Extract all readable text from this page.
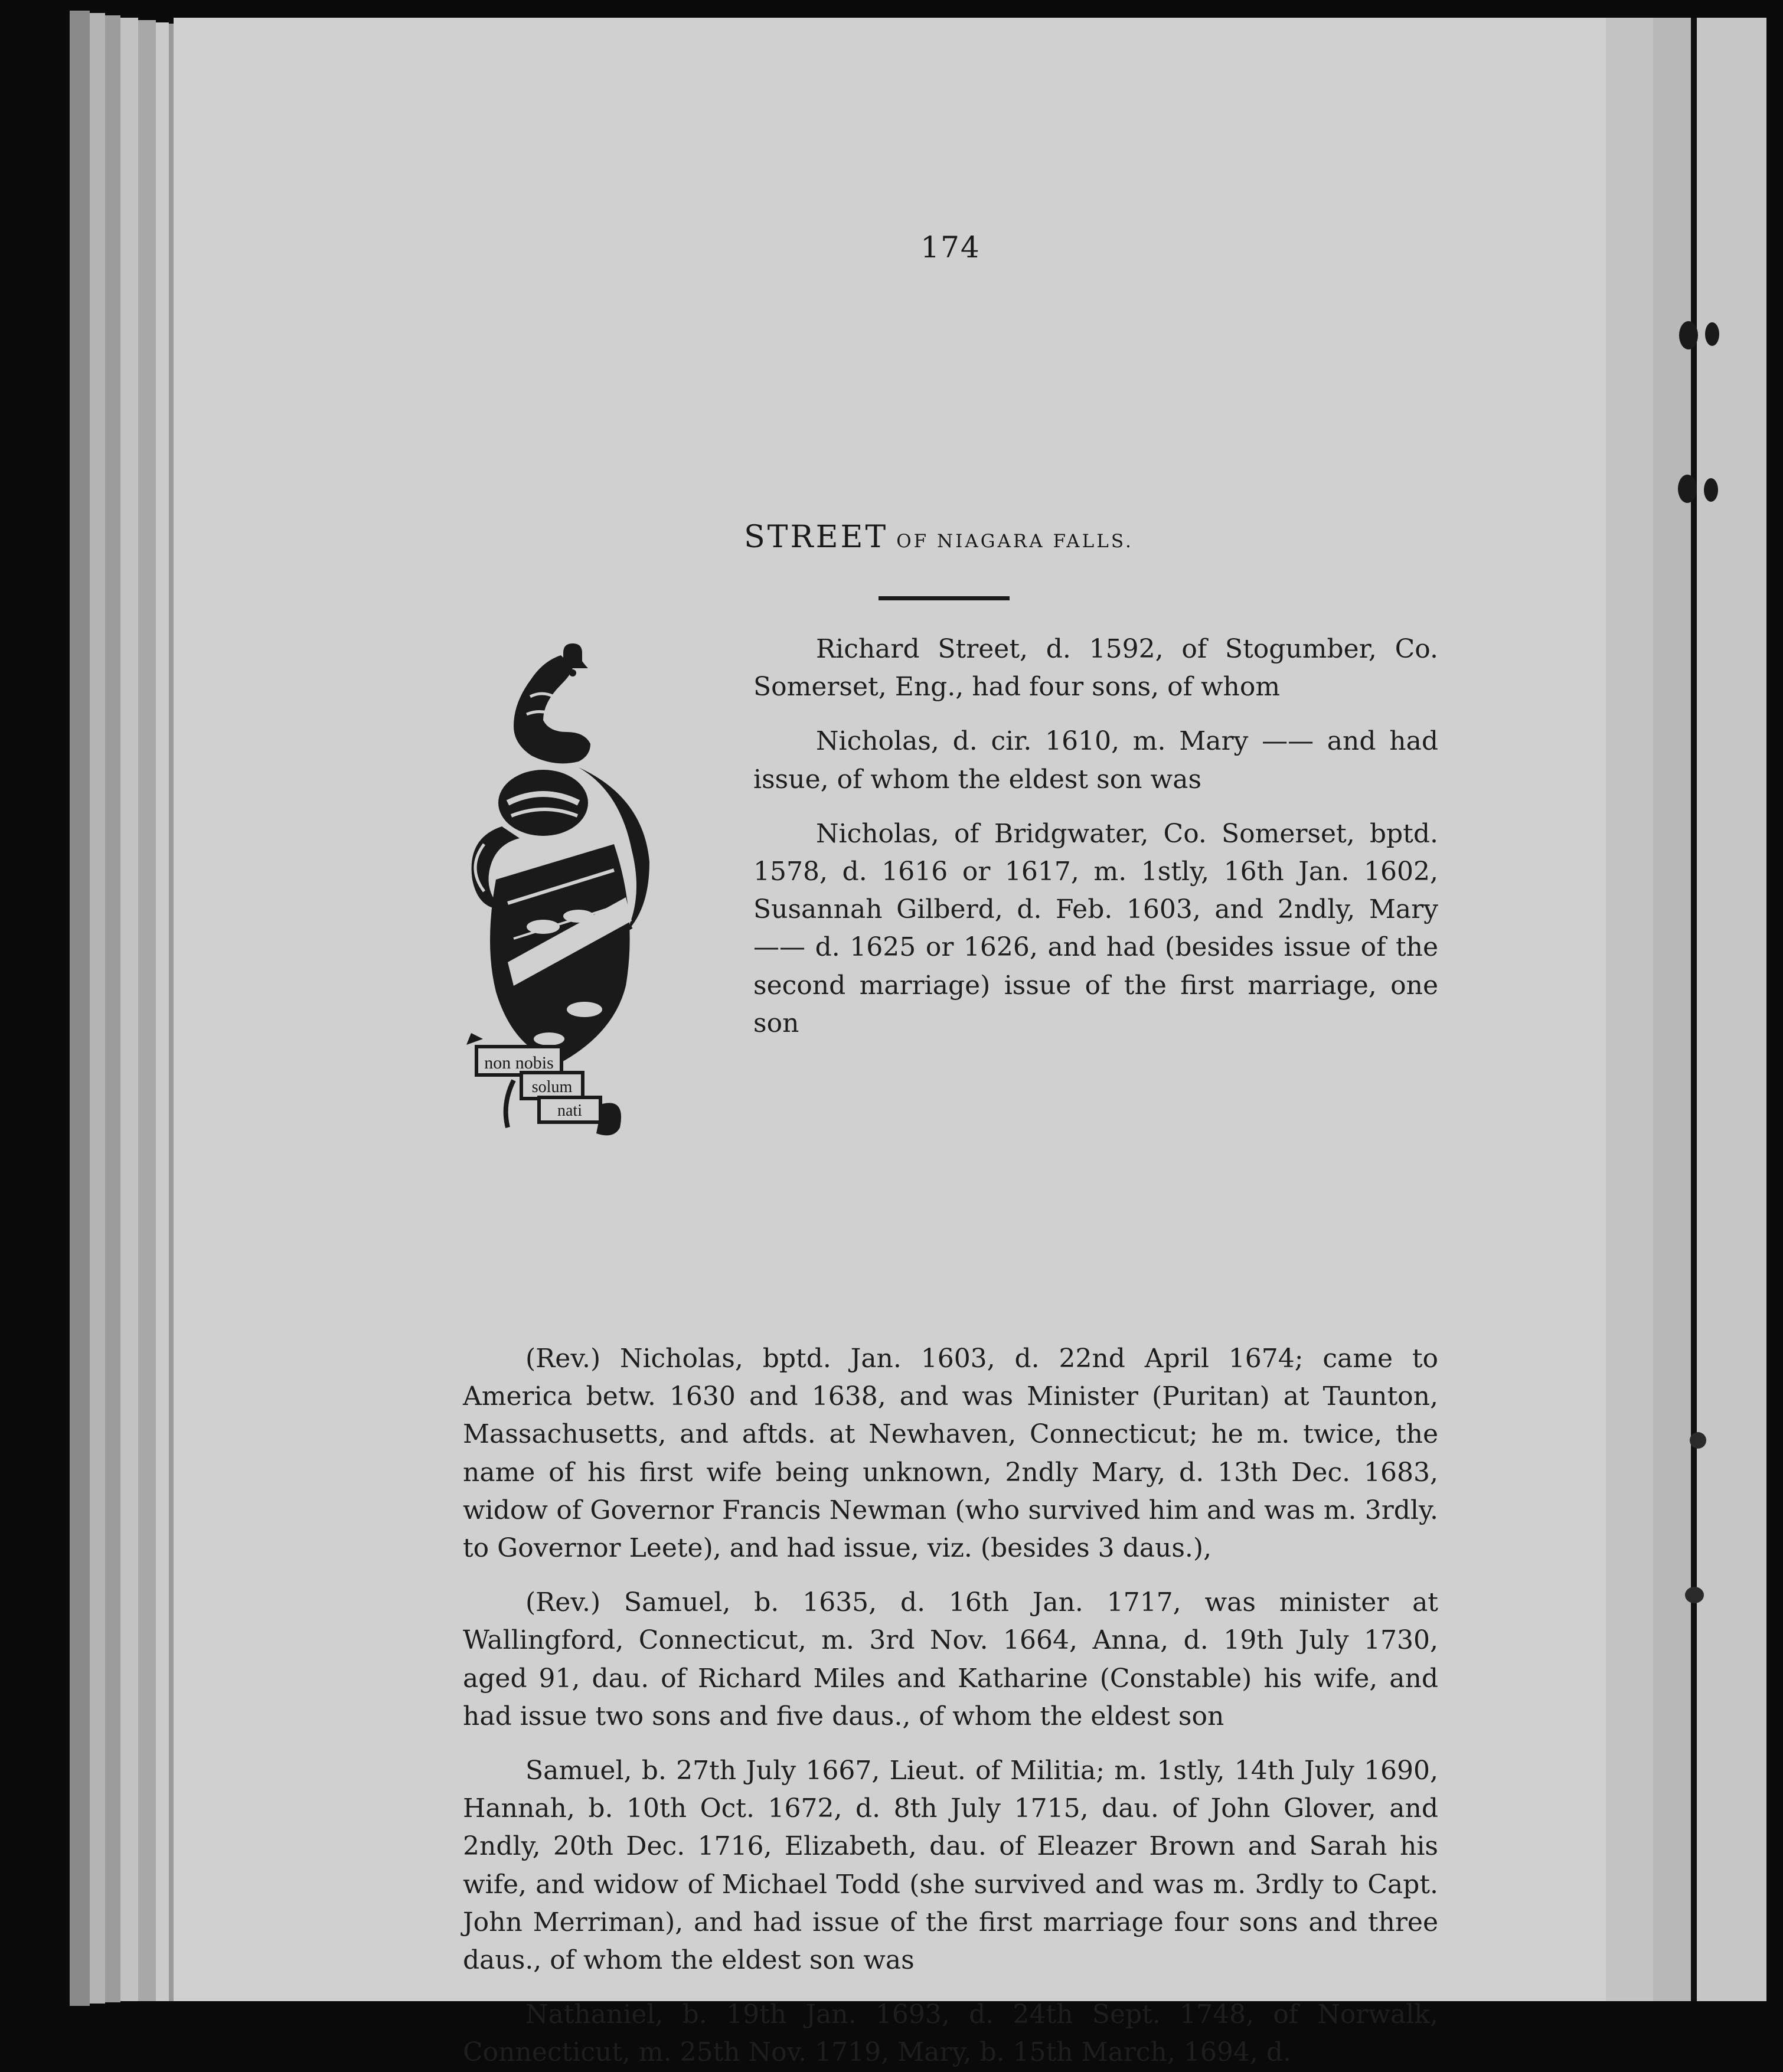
174
STREET OF NIAGARA FALLS.
non nobis
solum
nati

Richard Street, d. 1592, of Stogumber, Co. Somerset, Eng., had four sons, of whom

Nicholas, d. cir. 1610, m. Mary —— and had issue, of whom the eldest son was

Nicholas, of Bridgwater, Co. Somerset, bptd. 1578, d. 1616 or 1617, m. 1stly, 16th Jan. 1602, Susannah Gilberd, d. Feb. 1603, and 2ndly, Mary —— d. 1625 or 1626, and had (besides issue of the second marriage) issue of the first marriage, one son

(Rev.) Nicholas, bptd. Jan. 1603, d. 22nd April 1674; came to America betw. 1630 and 1638, and was Minister (Puritan) at Taunton, Massachusetts, and aftds. at Newhaven, Connecticut; he m. twice, the name of his first wife being unknown, 2ndly Mary, d. 13th Dec. 1683, widow of Governor Francis Newman (who survived him and was m. 3rdly. to Governor Leete), and had issue, viz. (besides 3 daus.),

(Rev.) Samuel, b. 1635, d. 16th Jan. 1717, was minister at Wallingford, Connecticut, m. 3rd Nov. 1664, Anna, d. 19th July 1730, aged 91, dau. of Richard Miles and Katharine (Constable) his wife, and had issue two sons and five daus., of whom the eldest son

Samuel, b. 27th July 1667, Lieut. of Militia; m. 1stly, 14th July 1690, Hannah, b. 10th Oct. 1672, d. 8th July 1715, dau. of John Glover, and 2ndly, 20th Dec. 1716, Elizabeth, dau. of Eleazer Brown and Sarah his wife, and widow of Michael Todd (she survived and was m. 3rdly to Capt. John Merriman), and had issue of the first marriage four sons and three daus., of whom the eldest son was

Nathaniel, b. 19th Jan. 1693, d. 24th Sept. 1748, of Norwalk, Connecticut, m. 25th Nov. 1719, Mary, b. 15th March, 1694, d.
